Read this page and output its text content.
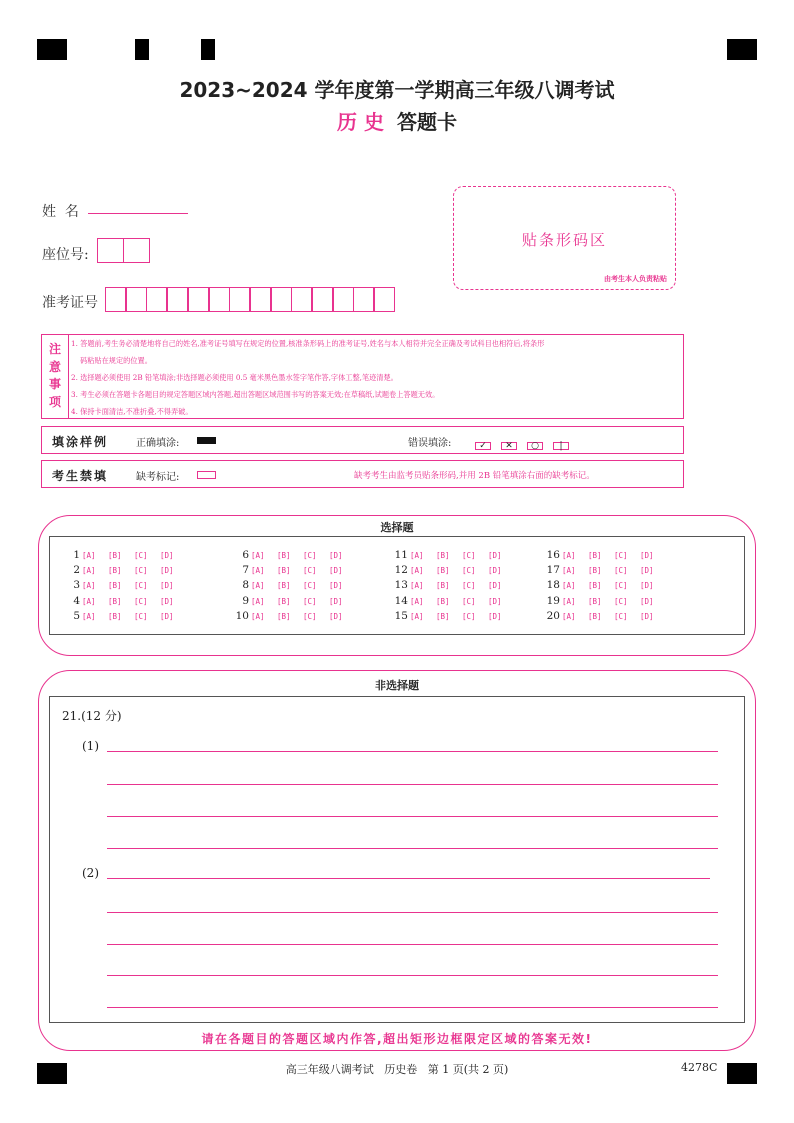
2023~2024 学年度第一学期高三年级八调考试
历 史 答题卡
姓  名
座位号:
准考证号
贴条形码区
由考生本人负责粘贴
注
意
事
项
1. 答题前,考生务必清楚地将自己的姓名,准考证号填写在规定的位置,核准条形码上的准考证号,姓名与本人相符并完全正确及考试科目也相符后,将条形
码粘贴在规定的位置。
2. 选择题必须使用 2B 铅笔填涂;非选择题必须使用 0.5 毫米黑色墨水签字笔作答,字体工整,笔迹清楚。
3. 考生必须在答题卡各题目的规定答题区域内答题,超出答题区域范围书写的答案无效;在草稿纸,试题卷上答题无效。
4. 保持卡面清洁,不准折叠,不得弄破。
填涂样例	正确填涂:	错误填涂:	✓ ✕ ○ |
考生禁填	缺考标记:	缺考考生由监考员贴条形码,并用 2B 铅笔填涂右面的缺考标记。
选择题
1 [A] [B] [C] [D]
2 [A] [B] [C] [D]
3 [A] [B] [C] [D]
4 [A] [B] [C] [D]
5 [A] [B] [C] [D]
6 [A] [B] [C] [D]
7 [A] [B] [C] [D]
8 [A] [B] [C] [D]
9 [A] [B] [C] [D]
10 [A] [B] [C] [D]
11 [A] [B] [C] [D]
12 [A] [B] [C] [D]
13 [A] [B] [C] [D]
14 [A] [B] [C] [D]
15 [A] [B] [C] [D]
16 [A] [B] [C] [D]
17 [A] [B] [C] [D]
18 [A] [B] [C] [D]
19 [A] [B] [C] [D]
20 [A] [B] [C] [D]
非选择题
请在各题目的答题区域内作答,超出矩形边框限定区域的答案无效!
21.(12 分)
(1)
(2)
高三年级八调考试   历史卷   第 1 页(共 2 页)	4278C
